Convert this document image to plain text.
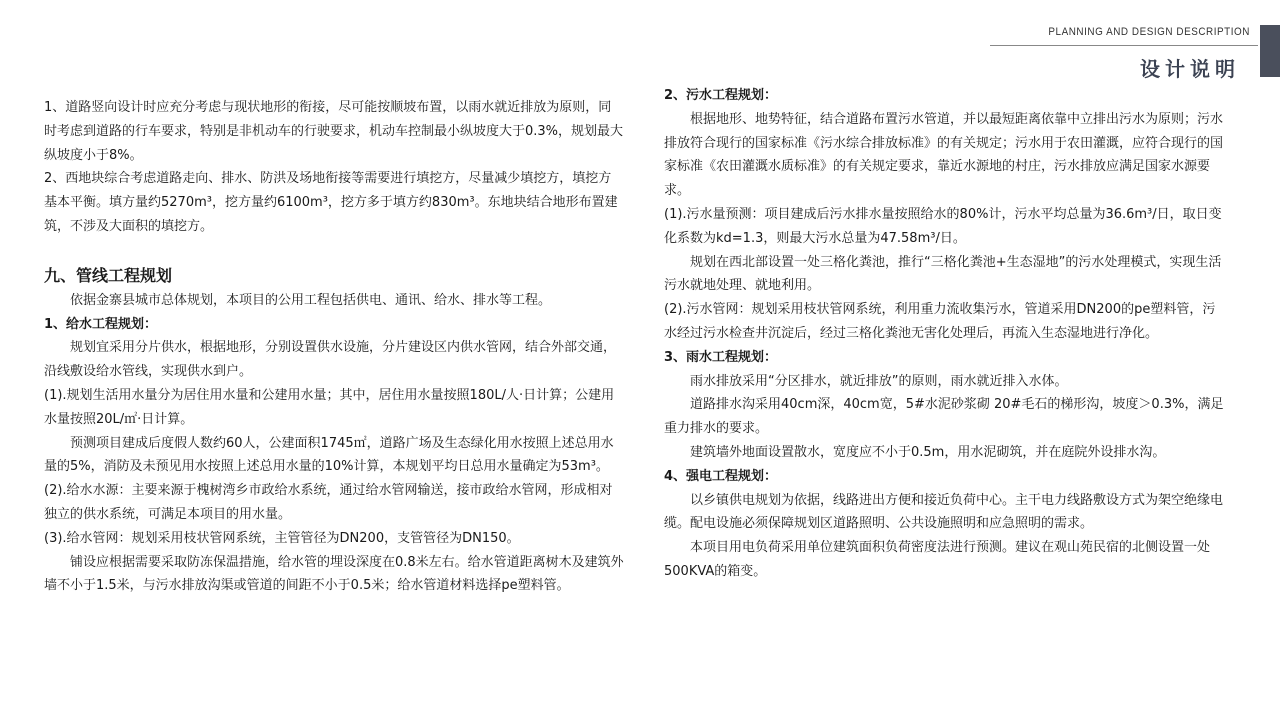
PLANNING AND DESIGN DESCRIPTION
设计说明

1、道路竖向设计时应充分考虑与现状地形的衔接，尽可能按顺坡布置，以雨水就近排放为原则，同时考虑到道路的行车要求，特别是非机动车的行驶要求，机动车控制最小纵坡度大于0.3%，规划最大纵坡度小于8%。

2、西地块综合考虑道路走向、排水、防洪及场地衔接等需要进行填挖方，尽量减少填挖方，填挖方基本平衡。填方量约5270m³，挖方量约6100m³，挖方多于填方约830m³。东地块结合地形布置建筑，不涉及大面积的填挖方。

九、管线工程规划

依据金寨县城市总体规划，本项目的公用工程包括供电、通讯、给水、排水等工程。

1、给水工程规划：

规划宜采用分片供水，根据地形，分别设置供水设施，分片建设区内供水管网，结合外部交通，沿线敷设给水管线，实现供水到户。

(1).规划生活用水量分为居住用水量和公建用水量；其中，居住用水量按照180L/人·日计算；公建用水量按照20L/㎡·日计算。

预测项目建成后度假人数约60人，公建面积1745㎡，道路广场及生态绿化用水按照上述总用水量的5%，消防及未预见用水按照上述总用水量的10%计算，本规划平均日总用水量确定为53m³。

(2).给水水源：主要来源于槐树湾乡市政给水系统，通过给水管网输送，接市政给水管网，形成相对独立的供水系统，可满足本项目的用水量。

(3).给水管网：规划采用枝状管网系统，主管管径为DN200，支管管径为DN150。

铺设应根据需要采取防冻保温措施，给水管的埋设深度在0.8米左右。给水管道距离树木及建筑外墙不小于1.5米，与污水排放沟渠或管道的间距不小于0.5米；给水管道材料选择pe塑料管。

2、污水工程规划：

根据地形、地势特征，结合道路布置污水管道，并以最短距离依靠中立排出污水为原则；污水排放符合现行的国家标准《污水综合排放标准》的有关规定；污水用于农田灌溉，应符合现行的国家标准《农田灌溉水质标准》的有关规定要求，靠近水源地的村庄，污水排放应满足国家水源要求。

(1).污水量预测：项目建成后污水排水量按照给水的80%计，污水平均总量为36.6m³/日，取日变化系数为kd=1.3，则最大污水总量为47.58m³/日。

规划在西北部设置一处三格化粪池，推行“三格化粪池+生态湿地”的污水处理模式，实现生活污水就地处理、就地利用。

(2).污水管网：规划采用枝状管网系统，利用重力流收集污水，管道采用DN200的pe塑料管，污水经过污水检查井沉淀后，经过三格化粪池无害化处理后，再流入生态湿地进行净化。

3、雨水工程规划：

雨水排放采用“分区排水，就近排放”的原则，雨水就近排入水体。

道路排水沟采用40cm深，40cm宽，5#水泥砂浆砌 20#毛石的梯形沟，坡度＞0.3%，满足重力排水的要求。

建筑墙外地面设置散水，宽度应不小于0.5m，用水泥砌筑，并在庭院外设排水沟。

4、强电工程规划：

以乡镇供电规划为依据，线路进出方便和接近负荷中心。主干电力线路敷设方式为架空绝缘电缆。配电设施必须保障规划区道路照明、公共设施照明和应急照明的需求。

本项目用电负荷采用单位建筑面积负荷密度法进行预测。建议在观山苑民宿的北侧设置一处500KVA的箱变。
